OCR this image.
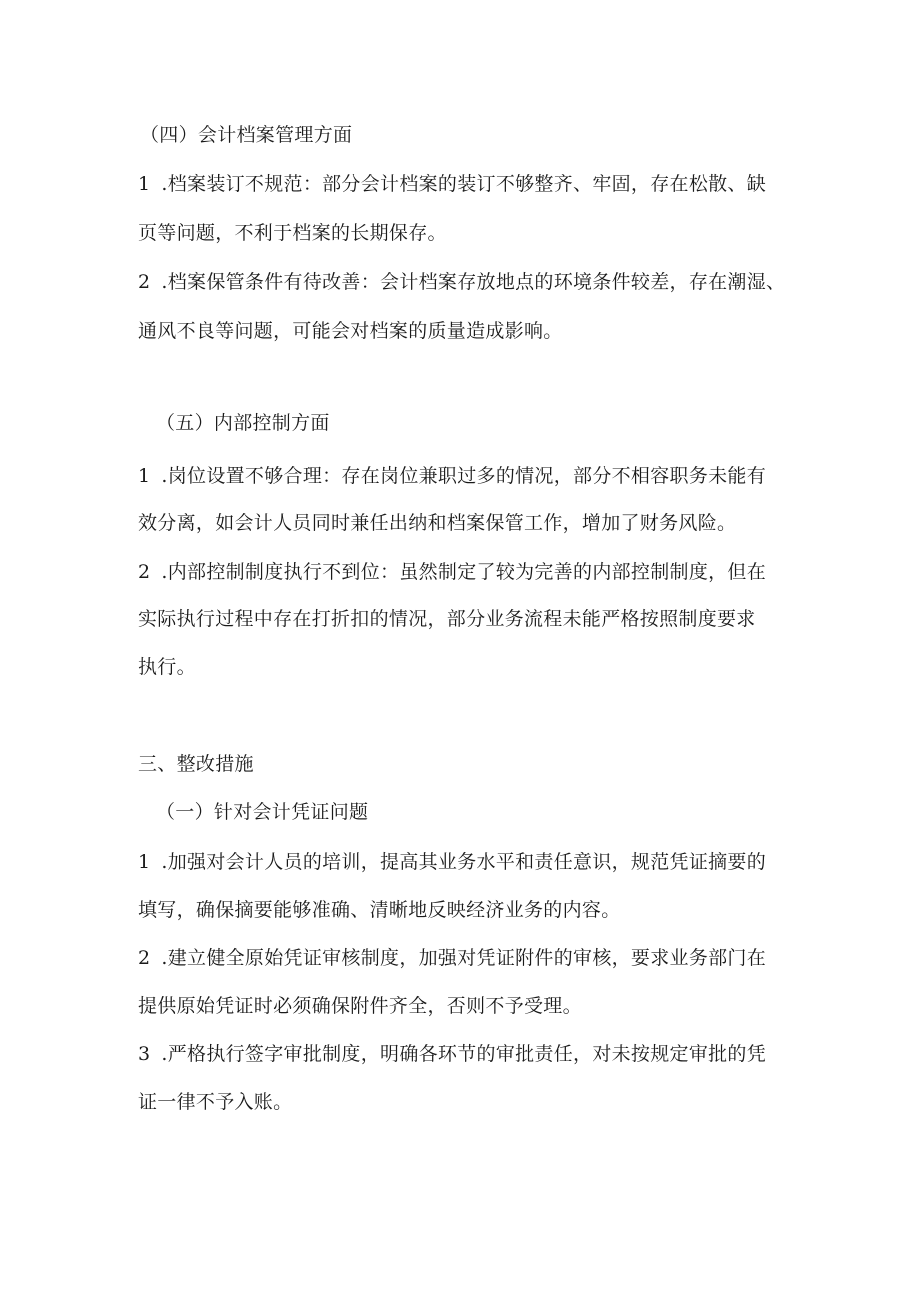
（四）会计档案管理方面
1 .档案装订不规范：部分会计档案的装订不够整齐、牢固，存在松散、缺
页等问题，不利于档案的长期保存。
2 .档案保管条件有待改善：会计档案存放地点的环境条件较差，存在潮湿、
通风不良等问题，可能会对档案的质量造成影响。
（五）内部控制方面
1 .岗位设置不够合理：存在岗位兼职过多的情况，部分不相容职务未能有
效分离，如会计人员同时兼任出纳和档案保管工作，增加了财务风险。
2 .内部控制制度执行不到位：虽然制定了较为完善的内部控制制度，但在
实际执行过程中存在打折扣的情况，部分业务流程未能严格按照制度要求
执行。
三、整改措施
（一）针对会计凭证问题
1 .加强对会计人员的培训，提高其业务水平和责任意识，规范凭证摘要的
填写，确保摘要能够准确、清晰地反映经济业务的内容。
2 .建立健全原始凭证审核制度，加强对凭证附件的审核，要求业务部门在
提供原始凭证时必须确保附件齐全，否则不予受理。
3 .严格执行签字审批制度，明确各环节的审批责任，对未按规定审批的凭
证一律不予入账。
